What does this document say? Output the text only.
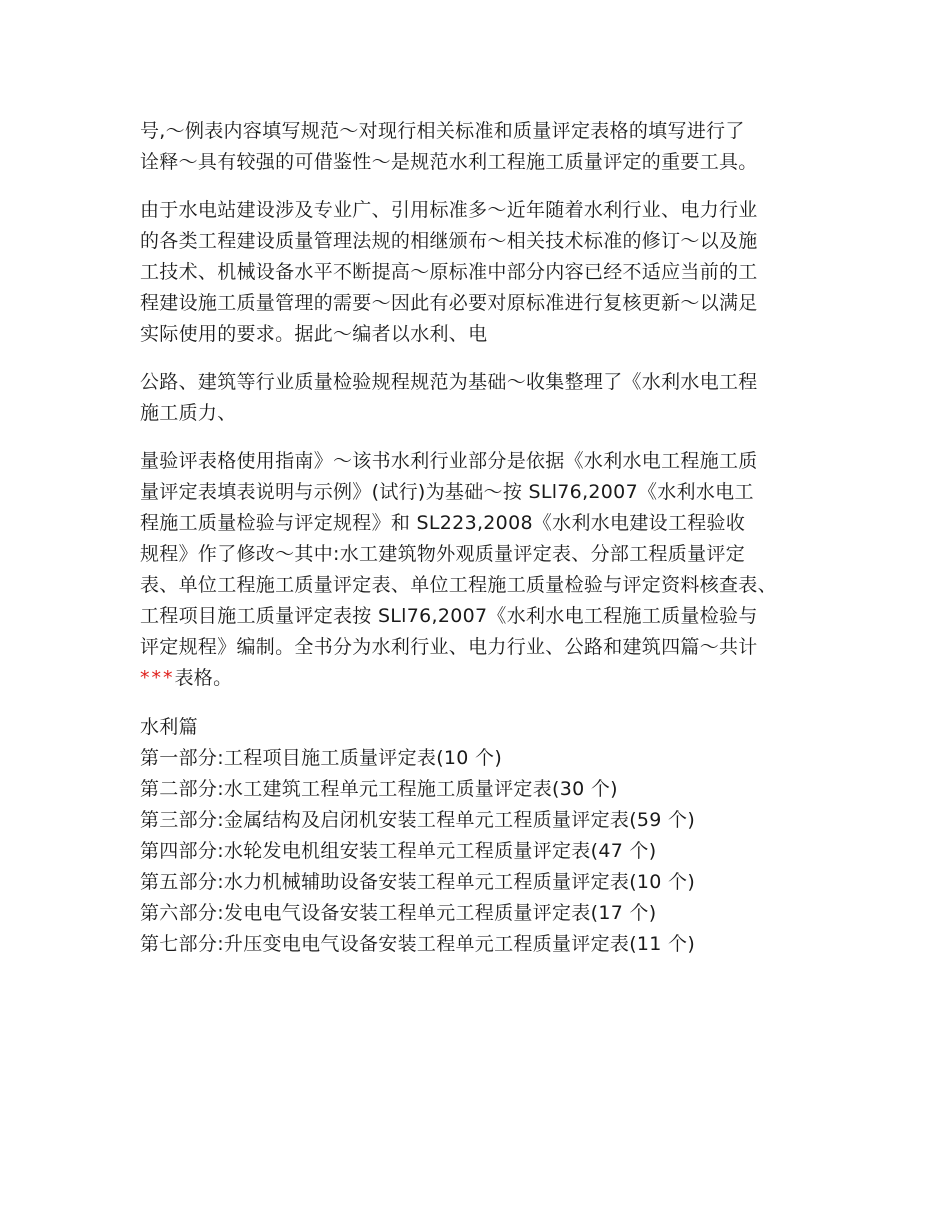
号,～例表内容填写规范～对现行相关标准和质量评定表格的填写进行了
诠释～具有较强的可借鉴性～是规范水利工程施工质量评定的重要工具。

由于水电站建设涉及专业广、引用标准多～近年随着水利行业、电力行业
的各类工程建设质量管理法规的相继颁布～相关技术标准的修订～以及施
工技术、机械设备水平不断提高～原标准中部分内容已经不适应当前的工
程建设施工质量管理的需要～因此有必要对原标准进行复核更新～以满足
实际使用的要求。据此～编者以水利、电

公路、建筑等行业质量检验规程规范为基础～收集整理了《水利水电工程
施工质力、

量验评表格使用指南》～该书水利行业部分是依据《水利水电工程施工质
量评定表填表说明与示例》(试行)为基础～按 SLl76,2007《水利水电工
程施工质量检验与评定规程》和 SL223,2008《水利水电建设工程验收
规程》作了修改～其中:水工建筑物外观质量评定表、分部工程质量评定
表、单位工程施工质量评定表、单位工程施工质量检验与评定资料核查表、
工程项目施工质量评定表按 SLl76,2007《水利水电工程施工质量检验与
评定规程》编制。全书分为水利行业、电力行业、公路和建筑四篇～共计
***表格。

水利篇

第一部分:工程项目施工质量评定表(10 个)

第二部分:水工建筑工程单元工程施工质量评定表(30 个)

第三部分:金属结构及启闭机安装工程单元工程质量评定表(59 个)

第四部分:水轮发电机组安装工程单元工程质量评定表(47 个)

第五部分:水力机械辅助设备安装工程单元工程质量评定表(10 个)

第六部分:发电电气设备安装工程单元工程质量评定表(17 个)

第七部分:升压变电电气设备安装工程单元工程质量评定表(11 个)
